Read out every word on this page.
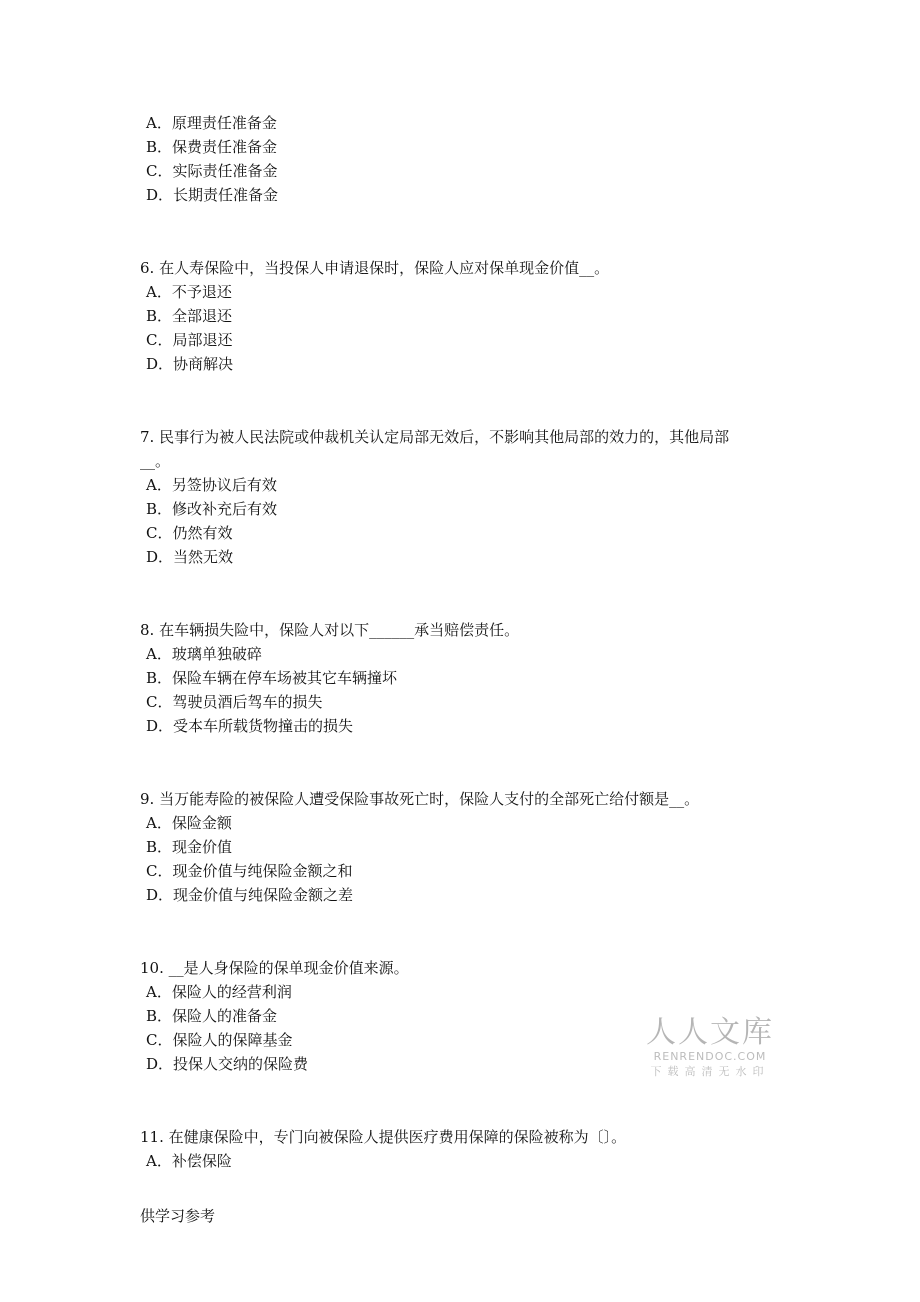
A．原理责任准备金
B．保费责任准备金
C．实际责任准备金
D．长期责任准备金
6. 在人寿保险中，当投保人申请退保时，保险人应对保单现金价值__。
A．不予退还
B．全部退还
C．局部退还
D．协商解决
7. 民事行为被人民法院或仲裁机关认定局部无效后，不影响其他局部的效力的，其他局部
__。
A．另签协议后有效
B．修改补充后有效
C．仍然有效
D．当然无效
8. 在车辆损失险中，保险人对以下______承当赔偿责任。
A．玻璃单独破碎
B．保险车辆在停车场被其它车辆撞坏
C．驾驶员酒后驾车的损失
D．受本车所载货物撞击的损失
9. 当万能寿险的被保险人遭受保险事故死亡时，保险人支付的全部死亡给付额是__。
A．保险金额
B．现金价值
C．现金价值与纯保险金额之和
D．现金价值与纯保险金额之差
10. __是人身保险的保单现金价值来源。
A．保险人的经营利润
B．保险人的准备金
C．保险人的保障基金
D．投保人交纳的保险费
11. 在健康保险中，专门向被保险人提供医疗费用保障的保险被称为〔〕。
A．补偿保险
供学习参考
人人文库
RENRENDOC.COM
下载高清无水印
